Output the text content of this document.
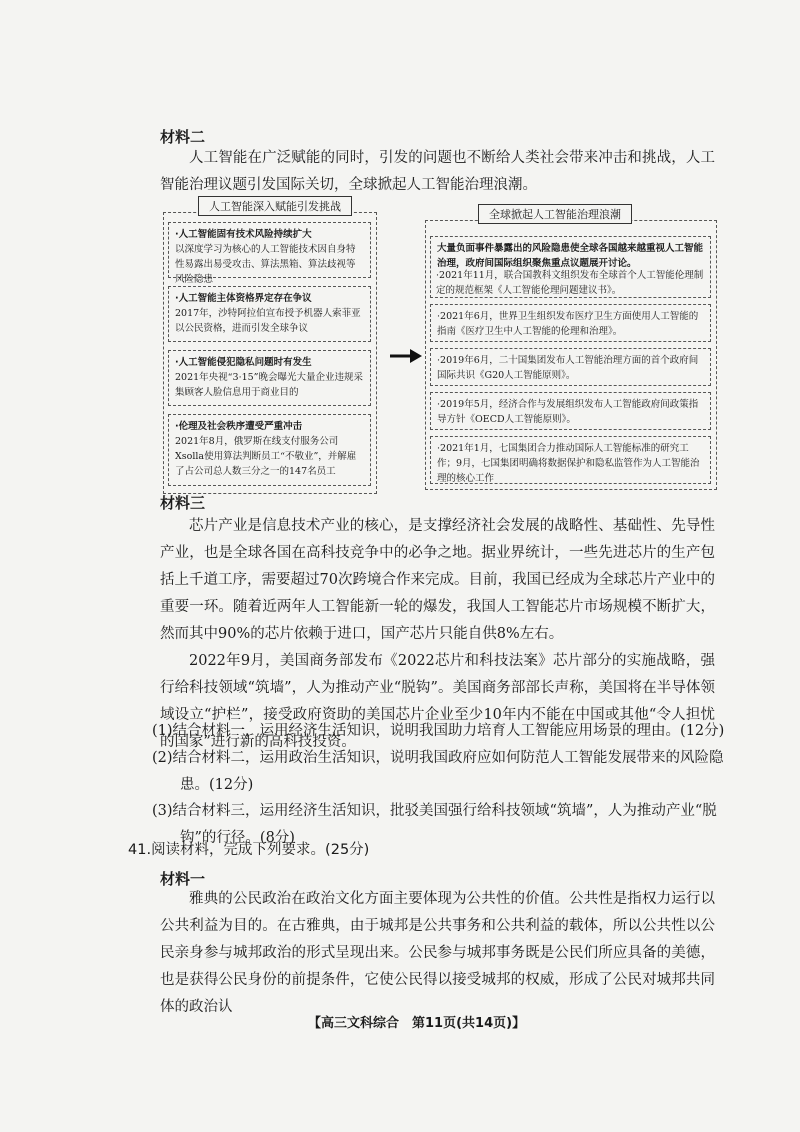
材料二

人工智能在广泛赋能的同时，引发的问题也不断给人类社会带来冲击和挑战，人工智能治理议题引发国际关切，全球掀起人工智能治理浪潮。

人工智能深入赋能引发挑战
·人工智能固有技术风险持续扩大
以深度学习为核心的人工智能技术因自身特性易露出易受攻击、算法黑箱、算法歧视等风险隐患
·人工智能主体资格界定存在争议
2017年，沙特阿拉伯宣布授予机器人索菲亚以公民资格，进而引发全球争议
·人工智能侵犯隐私问题时有发生
2021年央视“3·15”晚会曝光大量企业违规采集顾客人脸信息用于商业目的
·伦理及社会秩序遭受严重冲击
2021年8月，俄罗斯在线支付服务公司Xsolla使用算法判断员工“不敬业”，并解雇了占公司总人数三分之一的147名员工
全球掀起人工智能治理浪潮

大量负面事件暴露出的风险隐患使全球各国越来越重视人工智能治理，政府间国际组织聚焦重点议题展开讨论。

·2021年11月，联合国教科文组织发布全球首个人工智能伦理制定的规范框架《人工智能伦理问题建议书》。

·2021年6月，世界卫生组织发布医疗卫生方面使用人工智能的指南《医疗卫生中人工智能的伦理和治理》。

·2019年6月，二十国集团发布人工智能治理方面的首个政府间国际共识《G20人工智能原则》。

·2019年5月，经济合作与发展组织发布人工智能政府间政策指导方针《OECD人工智能原则》。

·2021年1月，七国集团合力推动国际人工智能标准的研究工作；9月，七国集团明确将数据保护和隐私监管作为人工智能治理的核心工作

材料三

芯片产业是信息技术产业的核心，是支撑经济社会发展的战略性、基础性、先导性产业，也是全球各国在高科技竞争中的必争之地。据业界统计，一些先进芯片的生产包括上千道工序，需要超过70次跨境合作来完成。目前，我国已经成为全球芯片产业中的重要一环。随着近两年人工智能新一轮的爆发，我国人工智能芯片市场规模不断扩大，然而其中90%的芯片依赖于进口，国产芯片只能自供8%左右。

2022年9月，美国商务部发布《2022芯片和科技法案》芯片部分的实施战略，强行给科技领域“筑墙”，人为推动产业“脱钩”。美国商务部部长声称，美国将在半导体领域设立“护栏”，接受政府资助的美国芯片企业至少10年内不能在中国或其他“令人担忧的国家”进行新的高科技投资。

(1)结合材料一，运用经济生活知识，说明我国助力培育人工智能应用场景的理由。(12分)
(2)结合材料二，运用政治生活知识，说明我国政府应如何防范人工智能发展带来的风险隐患。(12分)
(3)结合材料三，运用经济生活知识，批驳美国强行给科技领域“筑墙”，人为推动产业“脱钩”的行径。(8分)
41.阅读材料，完成下列要求。(25分)
材料一

雅典的公民政治在政治文化方面主要体现为公共性的价值。公共性是指权力运行以公共利益为目的。在古雅典，由于城邦是公共事务和公共利益的载体，所以公共性以公民亲身参与城邦政治的形式呈现出来。公民参与城邦事务既是公民们所应具备的美德，也是获得公民身份的前提条件，它使公民得以接受城邦的权威，形成了公民对城邦共同体的政治认

【高三文科综合　第11页(共14页)】
